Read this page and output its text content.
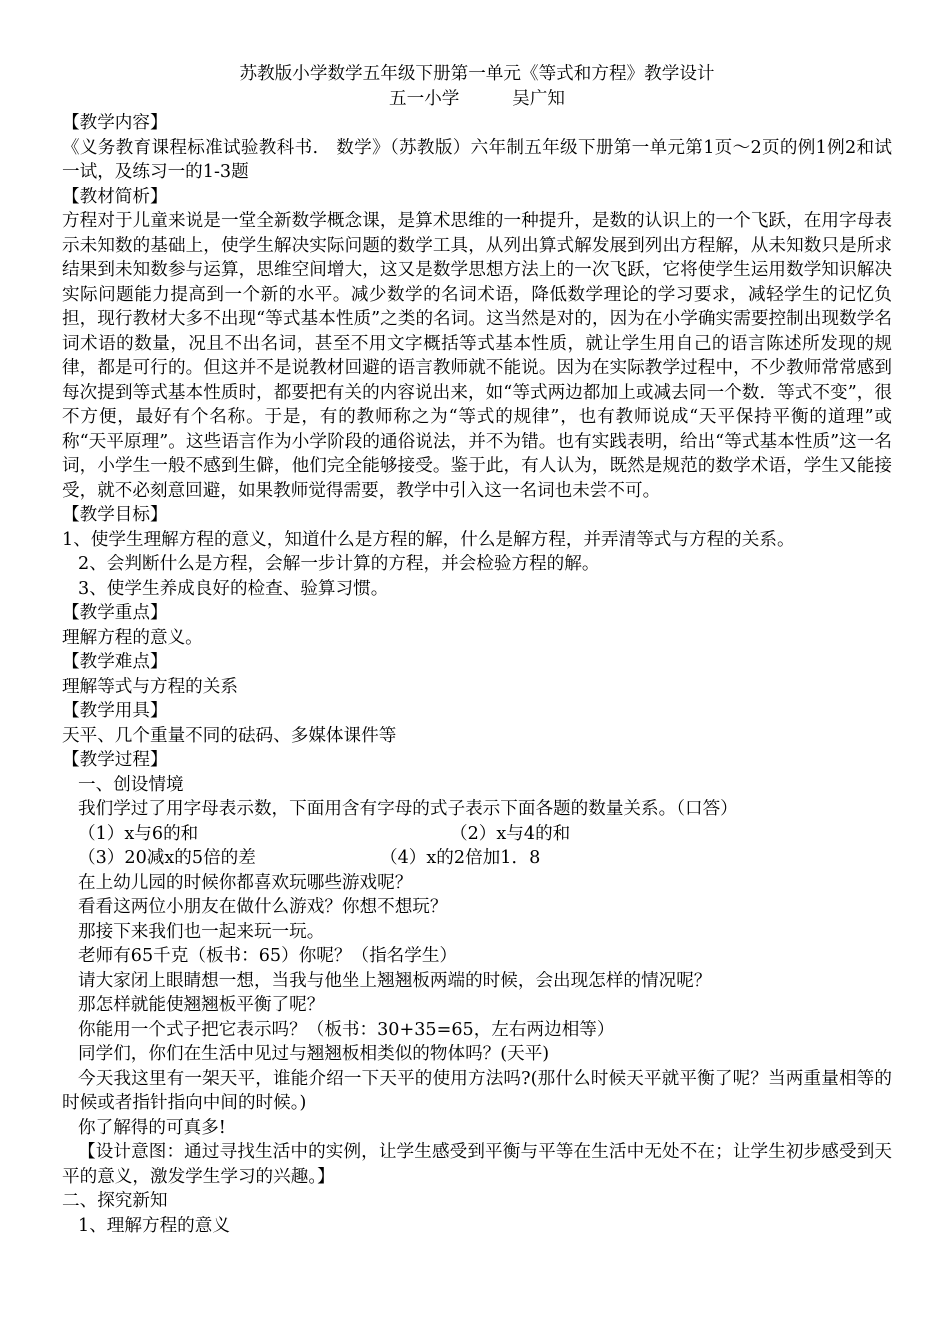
苏教版小学数学五年级下册第一单元《等式和方程》教学设计

五一小学　　　吴广知

【教学内容】

《义务教育课程标准试验教科书.　数学》（苏教版）六年制五年级下册第一单元第1页～2页的例1例2和试一试，及练习一的1-3题

【教材简析】

方程对于儿童来说是一堂全新数学概念课，是算术思维的一种提升，是数的认识上的一个飞跃，在用字母表示未知数的基础上，使学生解决实际问题的数学工具，从列出算式解发展到列出方程解，从未知数只是所求结果到未知数参与运算，思维空间增大，这又是数学思想方法上的一次飞跃，它将使学生运用数学知识解决实际问题能力提高到一个新的水平。减少数学的名词术语，降低数学理论的学习要求，减轻学生的记忆负担，现行教材大多不出现“等式基本性质”之类的名词。这当然是对的，因为在小学确实需要控制出现数学名词术语的数量，况且不出名词，甚至不用文字概括等式基本性质，就让学生用自己的语言陈述所发现的规律，都是可行的。但这并不是说教材回避的语言教师就不能说。因为在实际教学过程中，不少教师常常感到每次提到等式基本性质时，都要把有关的内容说出来，如“等式两边都加上或减去同一个数．等式不变”，很不方便，最好有个名称。于是，有的教师称之为“等式的规律”，也有教师说成“天平保持平衡的道理”或称“天平原理”。这些语言作为小学阶段的通俗说法，并不为错。也有实践表明，给出“等式基本性质”这一名词，小学生一般不感到生僻，他们完全能够接受。鉴于此，有人认为，既然是规范的数学术语，学生又能接受，就不必刻意回避，如果教师觉得需要，教学中引入这一名词也未尝不可。

【教学目标】

1、使学生理解方程的意义，知道什么是方程的解，什么是解方程，并弄清等式与方程的关系。

2、会判断什么是方程，会解一步计算的方程，并会检验方程的解。

3、使学生养成良好的检查、验算习惯。

【教学重点】

理解方程的意义。

【教学难点】

理解等式与方程的关系

【教学用具】

天平、几个重量不同的砝码、多媒体课件等

【教学过程】

一、创设情境

我们学过了用字母表示数，下面用含有字母的式子表示下面各题的数量关系。（口答）

（1）x与6的和	（2）x与4的和

（3）20减x的5倍的差	（4）x的2倍加1．8

在上幼儿园的时候你都喜欢玩哪些游戏呢？

看看这两位小朋友在做什么游戏？你想不想玩？

那接下来我们也一起来玩一玩。

老师有65千克（板书：65）你呢？（指名学生）

请大家闭上眼睛想一想，当我与他坐上翘翘板两端的时候，会出现怎样的情况呢？

那怎样就能使翘翘板平衡了呢？

你能用一个式子把它表示吗？（板书：30+35=65，左右两边相等）

同学们，你们在生活中见过与翘翘板相类似的物体吗？(天平)

今天我这里有一架天平，谁能介绍一下天平的使用方法吗?(那什么时候天平就平衡了呢？当两重量相等的时候或者指针指向中间的时候。)

你了解得的可真多!

【设计意图：通过寻找生活中的实例，让学生感受到平衡与平等在生活中无处不在；让学生初步感受到天平的意义，激发学生学习的兴趣。】

二、探究新知

1、理解方程的意义
